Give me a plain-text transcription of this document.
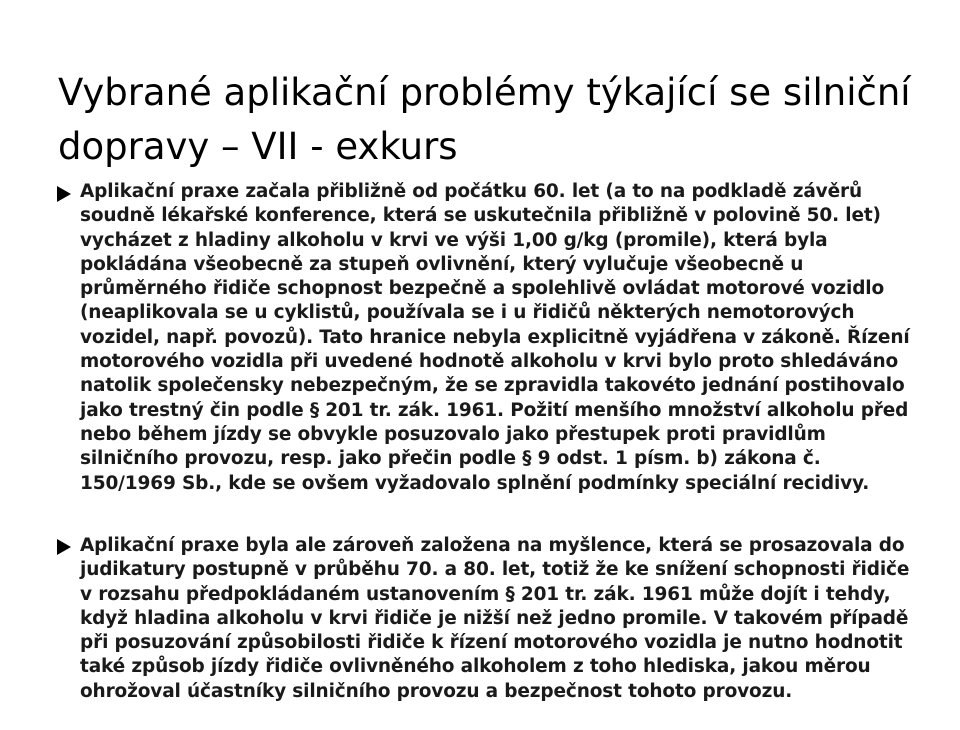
Vybrané aplikační problémy týkající se silniční dopravy – VII - exkurs

Aplikační praxe začala přibližně od počátku 60. let (a to na podkladě závěrů soudně lékařské konference, která se uskutečnila přibližně v polovině 50. let) vycházet z hladiny alkoholu v krvi ve výši 1,00 g/kg (promile), která byla pokládána všeobecně za stupeň ovlivnění, který vylučuje všeobecně u průměrného řidiče schopnost bezpečně a spolehlivě ovládat motorové vozidlo (neaplikovala se u cyklistů, používala se i u řidičů některých nemotorových vozidel, např. povozů). Tato hranice nebyla explicitně vyjádřena v zákoně. Řízení motorového vozidla při uvedené hodnotě alkoholu v krvi bylo proto shledáváno natolik společensky nebezpečným, že se zpravidla takovéto jednání postihovalo jako trestný čin podle § 201 tr. zák. 1961. Požití menšího množství alkoholu před nebo během jízdy se obvykle posuzovalo jako přestupek proti pravidlům silničního provozu, resp. jako přečin podle § 9 odst. 1 písm. b) zákona č. 150/1969 Sb., kde se ovšem vyžadovalo splnění podmínky speciální recidivy.

Aplikační praxe byla ale zároveň založena na myšlence, která se prosazovala do judikatury postupně v průběhu 70. a 80. let, totiž že ke snížení schopnosti řidiče v rozsahu předpokládaném ustanovením § 201 tr. zák. 1961 může dojít i tehdy, když hladina alkoholu v krvi řidiče je nižší než jedno promile. V takovém případě při posuzování způsobilosti řidiče k řízení motorového vozidla je nutno hodnotit také způsob jízdy řidiče ovlivněného alkoholem z toho hlediska, jakou měrou ohrožoval účastníky silničního provozu a bezpečnost tohoto provozu.
